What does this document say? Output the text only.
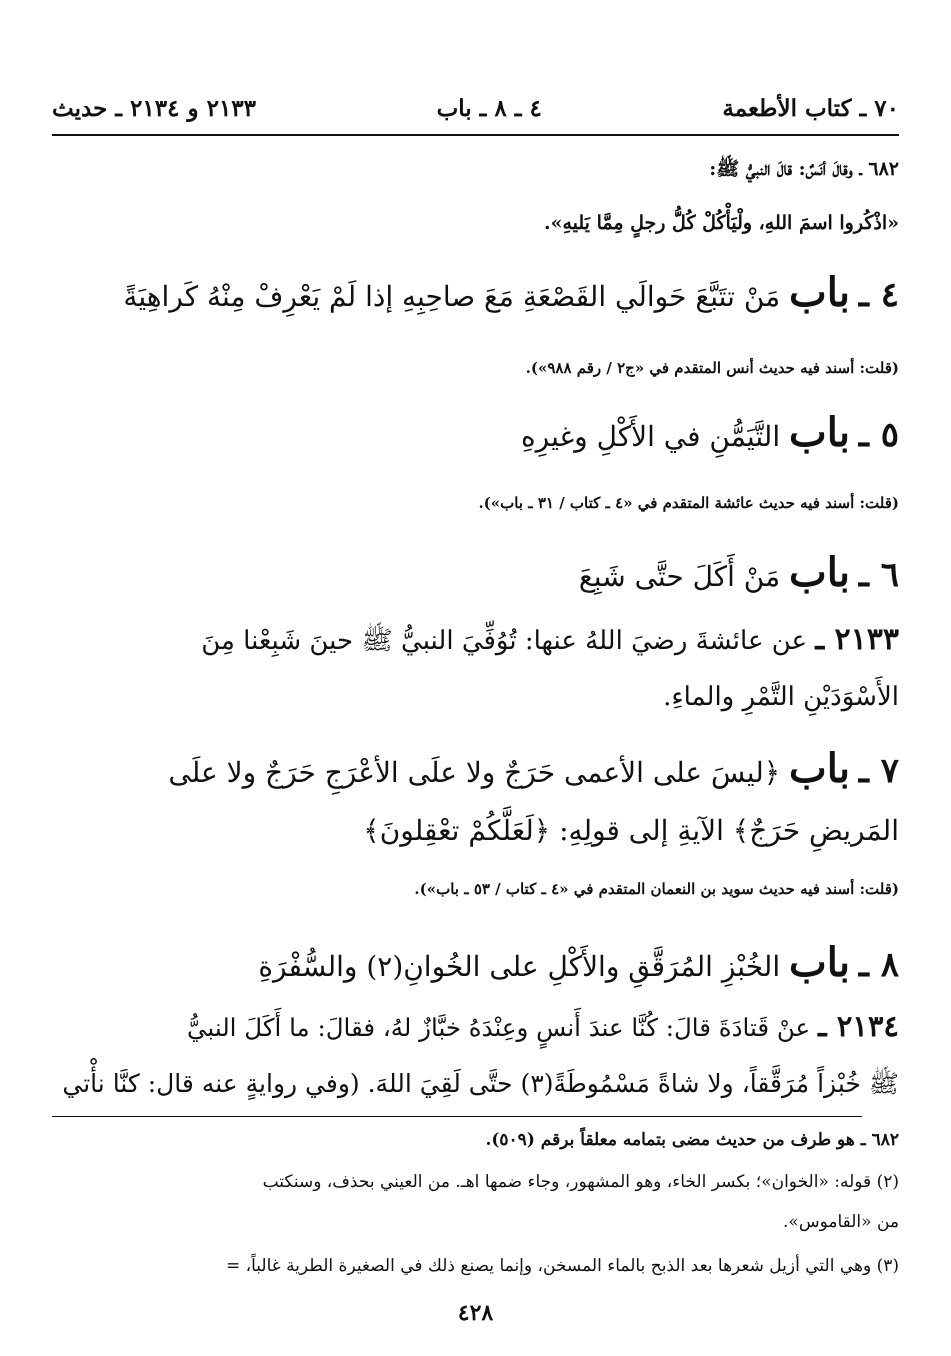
٧٠ ـ كتاب الأطعمة
٤ ـ ٨ ـ باب
٢١٣٣ و ٢١٣٤ ـ حديث
٦٨٢ ـ وقالَ أنَسٌ: قالَ النبيُّ ﷺ:
«اذْكُروا اسمَ اللهِ، ولْيَأْكُلْ كُلُّ رجلٍ مِمَّا يَليهِ».
٤ ـ باب مَنْ تتَبَّعَ حَوالَي القَصْعَةِ مَعَ صاحِبِهِ إذا لَمْ يَعْرِفْ مِنْهُ كَراهِيَةً
(قلت: أسند فيه حديث أنس المتقدم في «ج٢ / رقم ٩٨٨»).
٥ ـ باب التَّيَمُّنِ في الأَكْلِ وغيرِهِ
(قلت: أسند فيه حديث عائشة المتقدم في «٤ ـ كتاب / ٣١ ـ باب»).
٦ ـ باب مَنْ أَكَلَ حتَّى شَبِعَ
٢١٣٣ ـ عن عائشةَ رضيَ اللهُ عنها: تُوُفِّيَ النبيُّ ﷺ حينَ شَبِعْنا مِنَ
الأَسْوَدَيْنِ التَّمْرِ والماءِ.
٧ ـ باب ﴿ليسَ على الأعمى حَرَجٌ ولا علَى الأعْرَجِ حَرَجٌ ولا علَى
المَريضِ حَرَجٌ﴾ الآيةِ إلى قولِهِ: ﴿لَعَلَّكُمْ تعْقِلونَ﴾
(قلت: أسند فيه حديث سويد بن النعمان المتقدم في «٤ ـ كتاب / ٥٣ ـ باب»).
٨ ـ باب الخُبْزِ المُرَقَّقِ والأَكْلِ على الخُوانِ(٢) والسُّفْرَةِ
٢١٣٤ ـ عنْ قَتادَةَ قالَ: كُنَّا عندَ أَنسٍ وعِنْدَهُ خبَّازٌ لهُ، فقالَ: ما أَكَلَ النبيُّ
ﷺ خُبْزاً مُرَقَّقاً، ولا شاةً مَسْمُوطَةً(٣) حتَّى لَقِيَ اللهَ. (وفي روايةٍ عنه قال: كنَّا نأْتي
٦٨٢ ـ هو طرف من حديث مضى بتمامه معلقاً برقم (٥٠٩).
(٢) قوله: «الخوان»؛ بكسر الخاء، وهو المشهور، وجاء ضمها اهـ. من العيني بحذف، وسنكتب
من «القاموس».
(٣) وهي التي أزيل شعرها بعد الذبح بالماء المسخن، وإنما يصنع ذلك في الصغيرة الطرية غالباً، =
٤٢٨
